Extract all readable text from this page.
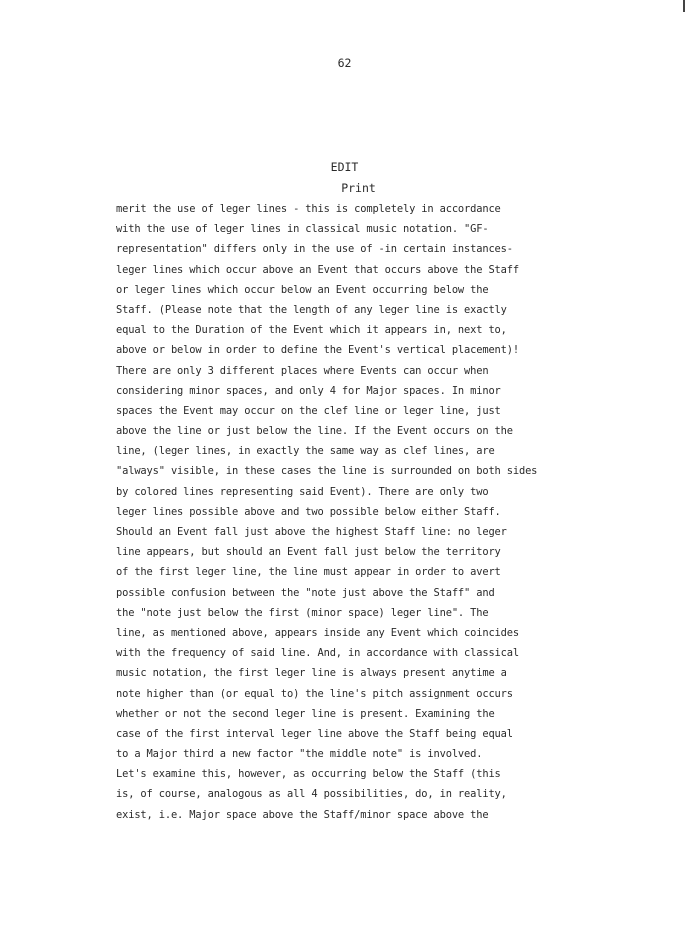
62
EDIT
Print
merit the use of leger lines - this is completely in accordance
with the use of leger lines in classical music notation. "GF-
representation" differs only in the use of -in certain instances-
leger lines which occur above an Event that occurs above the Staff
or leger lines which occur below an Event occurring below the
Staff. (Please note that the length of any leger line is exactly
equal to the Duration of the Event which it appears in, next to,
above or below in order to define the Event's vertical placement)!
There are only 3 different places where Events can occur when
considering minor spaces, and only 4 for Major spaces. In minor
spaces the Event may occur on the clef line or leger line, just
above the line or just below the line. If the Event occurs on the
line, (leger lines, in exactly the same way as clef lines, are
"always" visible, in these cases the line is surrounded on both sides
by colored lines representing said Event). There are only two
leger lines possible above and two possible below either Staff.
Should an Event fall just above the highest Staff line: no leger
line appears, but should an Event fall just below the territory
of the first leger line, the line must appear in order to avert
possible confusion between the "note just above the Staff" and
the "note just below the first (minor space) leger line". The
line, as mentioned above, appears inside any Event which coincides
with the frequency of said line. And, in accordance with classical
music notation, the first leger line is always present anytime a
note higher than (or equal to) the line's pitch assignment occurs
whether or not the second leger line is present. Examining the
case of the first interval leger line above the Staff being equal
to a Major third a new factor "the middle note" is involved.
Let's examine this, however, as occurring below the Staff (this
is, of course, analogous as all 4 possibilities, do, in reality,
exist, i.e. Major space above the Staff/minor space above the
